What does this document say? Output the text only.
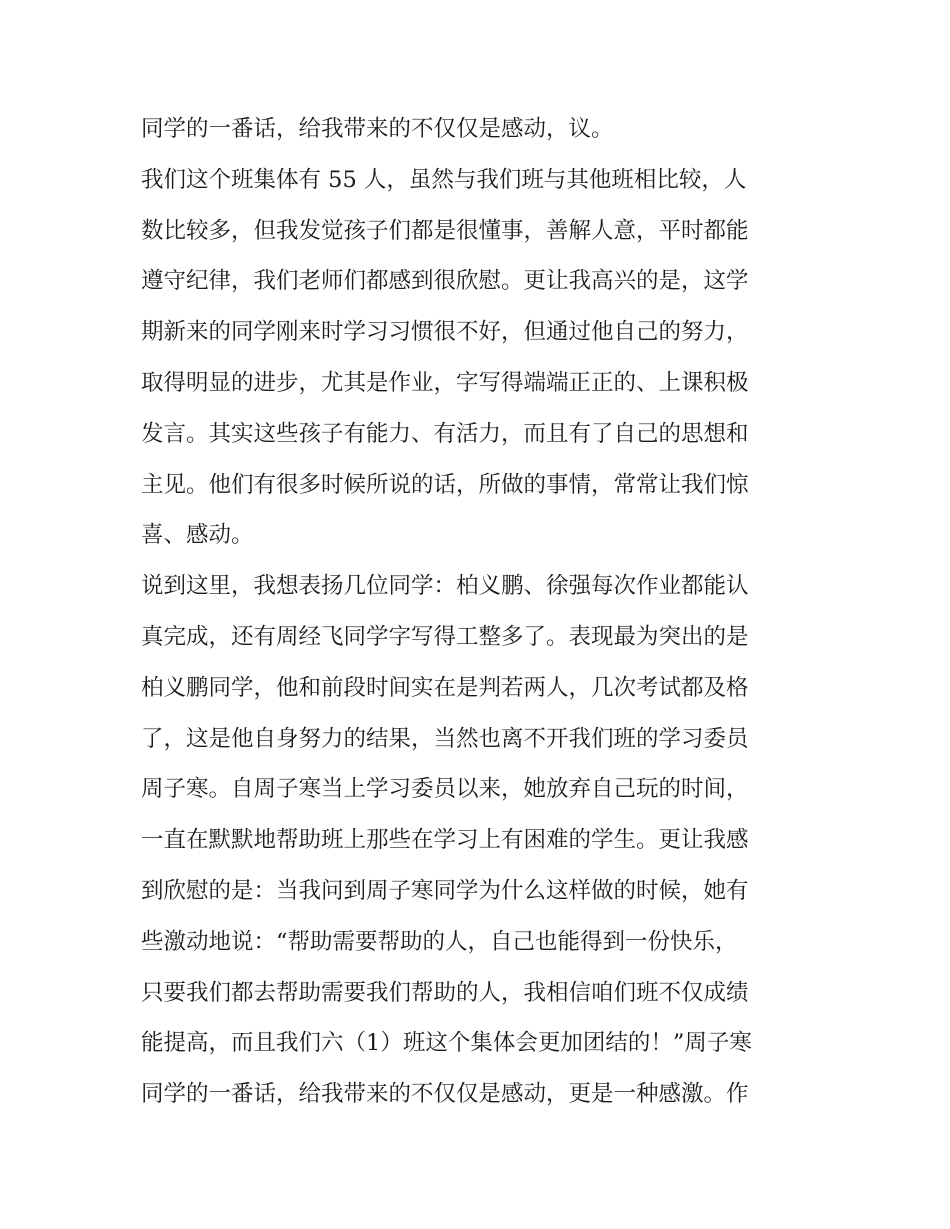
同学的一番话，给我带来的不仅仅是感动，议。
我们这个班集体有 55 人，虽然与我们班与其他班相比较，人
数比较多，但我发觉孩子们都是很懂事，善解人意，平时都能
遵守纪律，我们老师们都感到很欣慰。更让我高兴的是，这学
期新来的同学刚来时学习习惯很不好，但通过他自己的努力，
取得明显的进步，尤其是作业，字写得端端正正的、上课积极
发言。其实这些孩子有能力、有活力，而且有了自己的思想和
主见。他们有很多时候所说的话，所做的事情，常常让我们惊
喜、感动。
说到这里，我想表扬几位同学：柏义鹏、徐强每次作业都能认
真完成，还有周经飞同学字写得工整多了。表现最为突出的是
柏义鹏同学，他和前段时间实在是判若两人，几次考试都及格
了，这是他自身努力的结果，当然也离不开我们班的学习委员
周子寒。自周子寒当上学习委员以来，她放弃自己玩的时间，
一直在默默地帮助班上那些在学习上有困难的学生。更让我感
到欣慰的是：当我问到周子寒同学为什么这样做的时候，她有
些激动地说：“帮助需要帮助的人，自己也能得到一份快乐，
只要我们都去帮助需要我们帮助的人，我相信咱们班不仅成绩
能提高，而且我们六（1）班这个集体会更加团结的！”周子寒
同学的一番话，给我带来的不仅仅是感动，更是一种感激。作
